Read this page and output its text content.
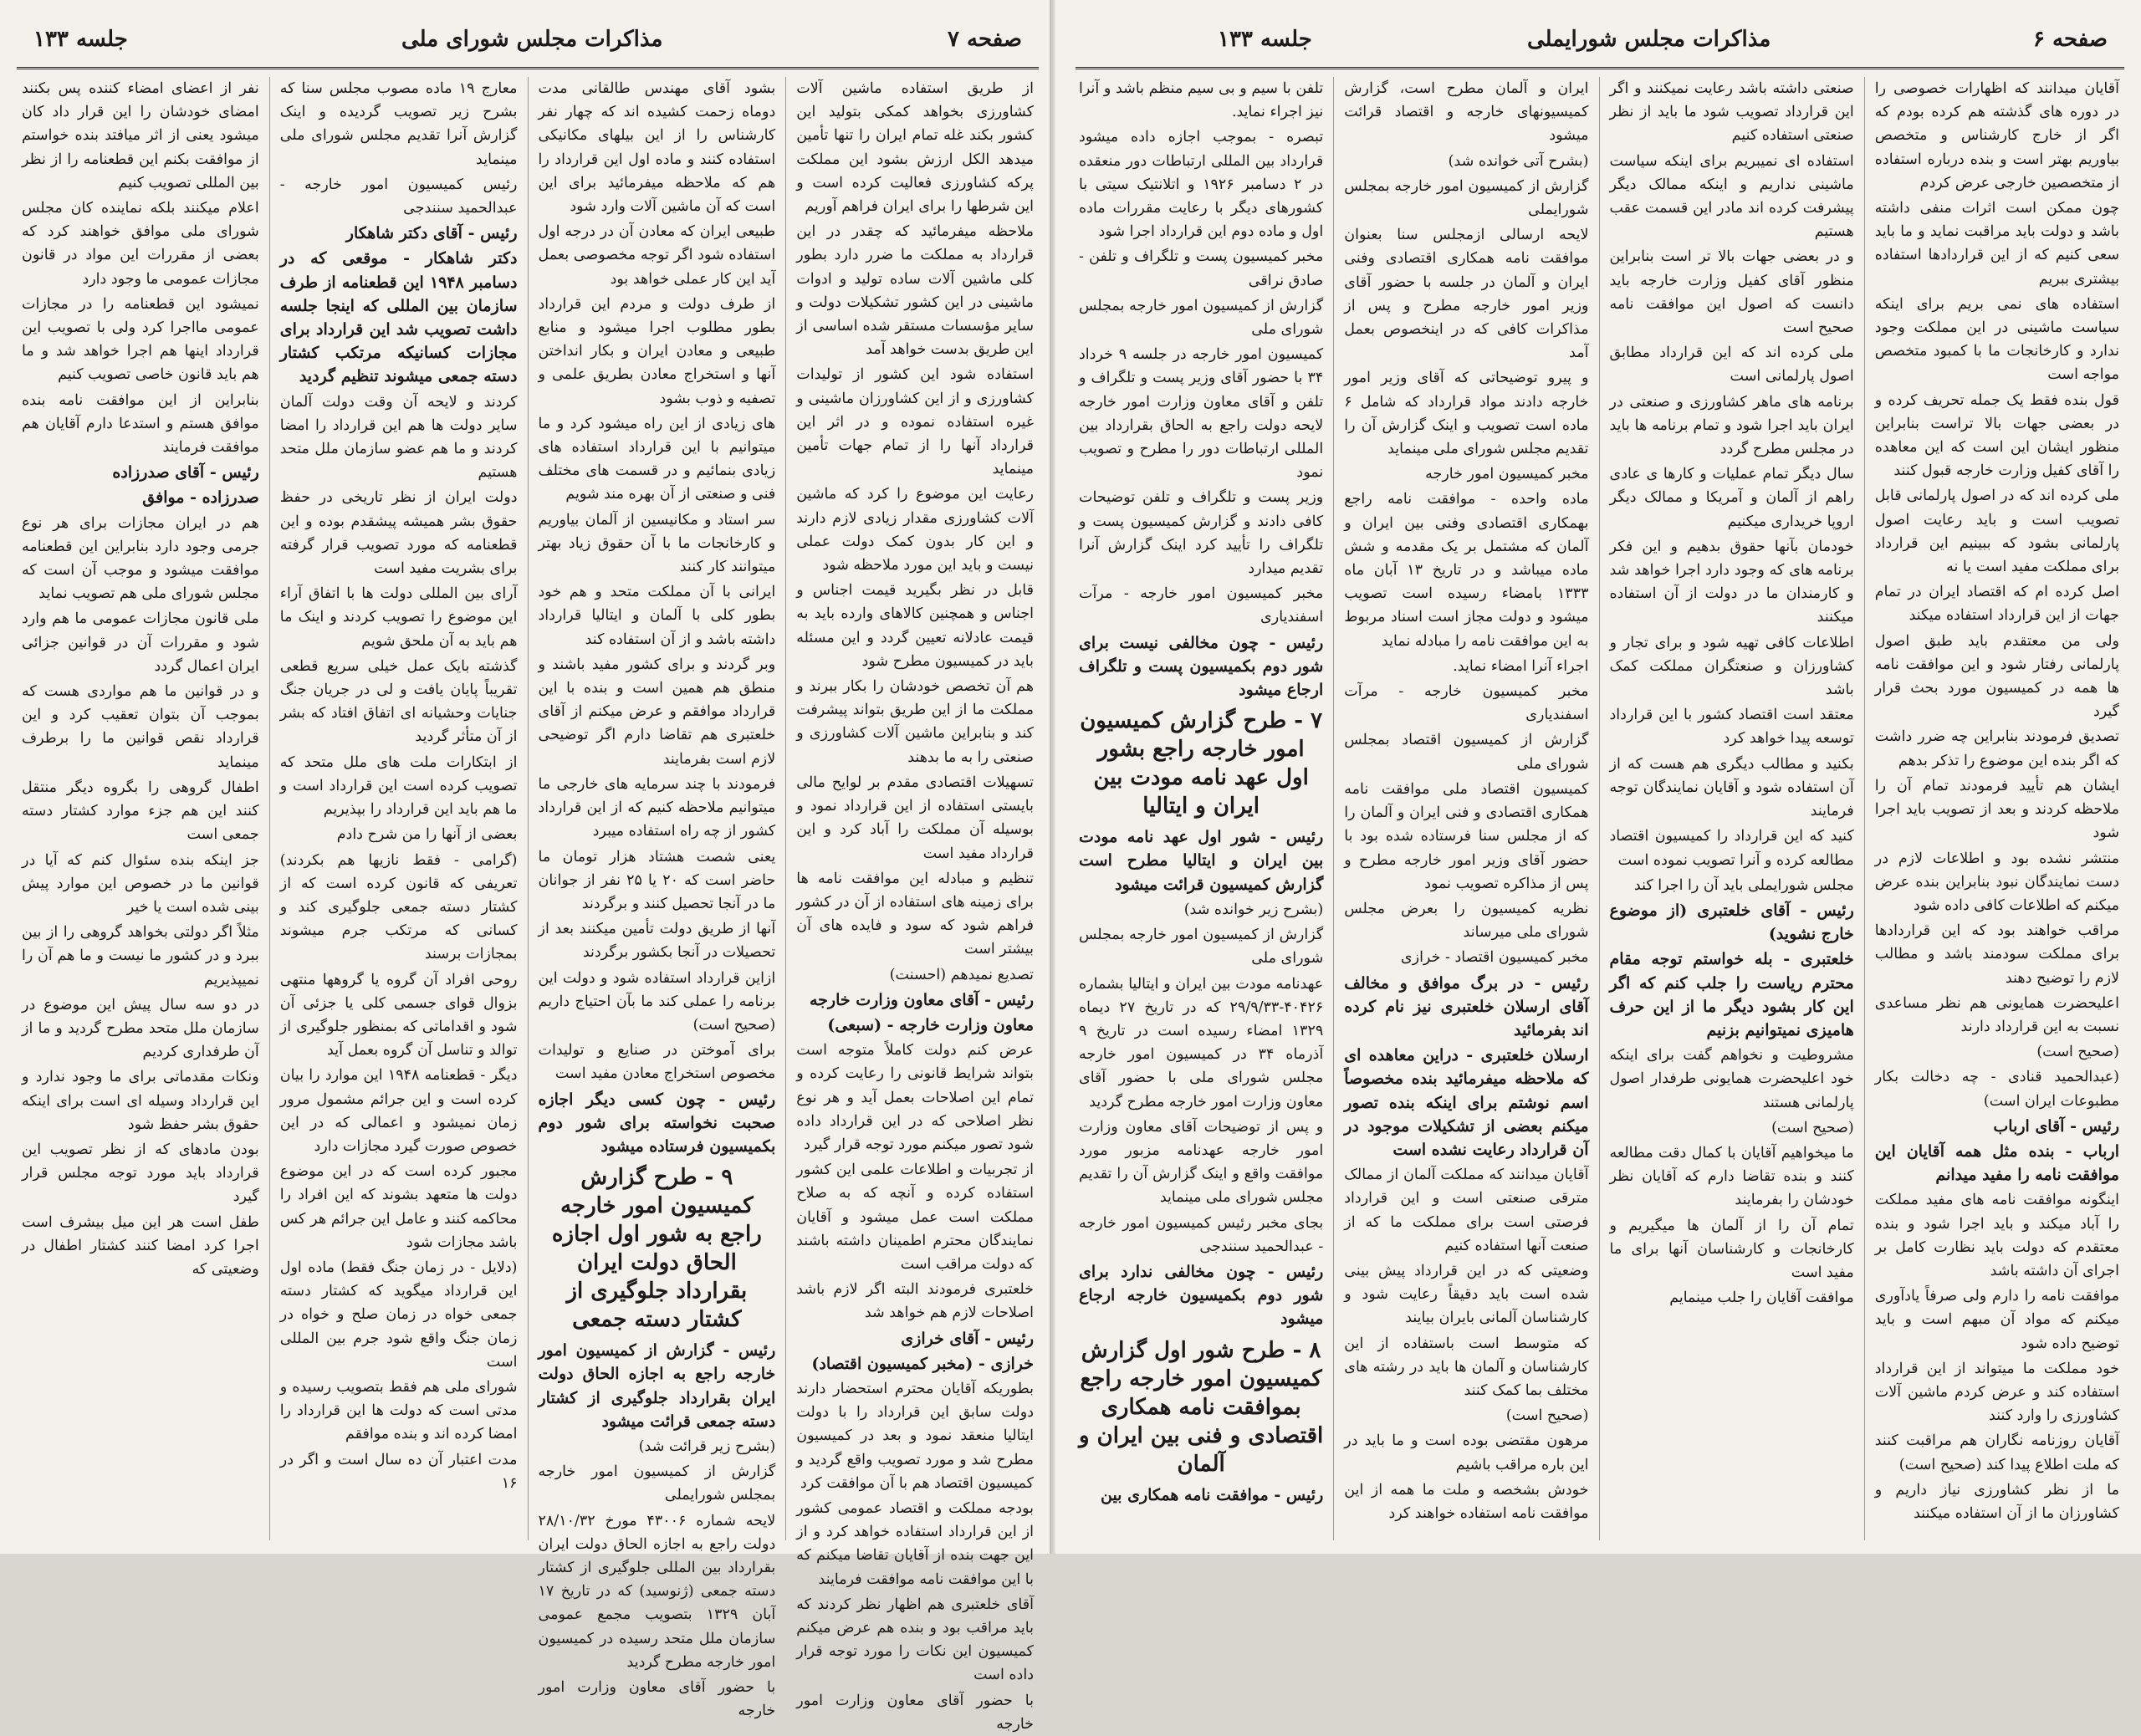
جلسه ۱۳۳	مذاکرات مجلس شورای ملی	صفحه ۷

از طریق استفاده ماشین آلات کشاورزی بخواهد کمکی بتولید این کشور بکند غله تمام ایران را تنها تأمین میدهد الکل ارزش بشود این مملکت پرکه کشاورزی فعالیت کرده است و این شرطها را برای ایران فراهم آوریم

ملاحظه میفرمائید که چقدر در این قرارداد به مملکت ما ضرر دارد بطور کلی ماشین آلات ساده تولید و ادوات ماشینی در این کشور تشکیلات دولت و سایر مؤسسات مستقر شده اساسی از این طریق بدست خواهد آمد

استفاده شود این کشور از تولیدات کشاورزی و از این کشاورزان ماشینی و غیره استفاده نموده و در اثر این قرارداد آنها را از تمام جهات تأمین مینماید

رعایت این موضوع را کرد که ماشین آلات کشاورزی مقدار زیادی لازم دارند و این کار بدون کمک دولت عملی نیست و باید این مورد ملاحظه شود

قابل در نظر بگیرید قیمت اجناس و اجناس و همچنین کالاهای وارده باید به قیمت عادلانه تعیین گردد و این مسئله باید در کمیسیون مطرح شود

هم آن تخصص خودشان را بکار ببرند و مملکت ما از این طریق بتواند پیشرفت کند و بنابراین ماشین آلات کشاورزی و صنعتی را به ما بدهند

تسهیلات اقتصادی مقدم بر لوایح مالی بایستی استفاده از این قرارداد نمود و بوسیله آن مملکت را آباد کرد و این قرارداد مفید است

تنظیم و مبادله این موافقت نامه ها برای زمینه های استفاده از آن در کشور فراهم شود که سود و فایده های آن بیشتر است

تصدیع نمیدهم (احسنت)

رئیس - آقای معاون وزارت خارجه

معاون وزارت خارجه - (سبعی)

عرض کنم دولت کاملاً متوجه است بتواند شرایط قانونی را رعایت کرده و تمام این اصلاحات بعمل آید و هر نوع نظر اصلاحی که در این قرارداد داده شود تصور میکنم مورد توجه قرار گیرد

از تجربیات و اطلاعات علمی این کشور استفاده کرده و آنچه که به صلاح مملکت است عمل میشود و آقایان نمایندگان محترم اطمینان داشته باشند که دولت مراقب است

خلعتبری فرمودند البته اگر لازم باشد اصلاحات لازم هم خواهد شد

رئیس - آقای خرازی

خرازی - (مخبر کمیسیون اقتصاد)

بطوریکه آقایان محترم استحضار دارند دولت سابق این قرارداد را با دولت ایتالیا منعقد نمود و بعد در کمیسیون مطرح شد و مورد تصویب واقع گردید و کمیسیون اقتصاد هم با آن موافقت کرد

بودجه مملکت و اقتصاد عمومی کشور از این قرارداد استفاده خواهد کرد و از این جهت بنده از آقایان تقاضا میکنم که با این موافقت نامه موافقت فرمایند

آقای خلعتبری هم اظهار نظر کردند که باید مراقب بود و بنده هم عرض میکنم کمیسیون این نکات را مورد توجه قرار داده است

با حضور آقای معاون وزارت امور خارجه

بشود آقای مهندس طالقانی مدت دوماه زحمت کشیده اند که چهار نفر کارشناس را از این بیلهای مکانیکی استفاده کنند و ماده اول این قرارداد را هم که ملاحظه میفرمائید برای این است که آن ماشین آلات وارد شود

طبیعی ایران که معادن آن در درجه اول استفاده شود اگر توجه مخصوصی بعمل آید این کار عملی خواهد بود

از طرف دولت و مردم این قرارداد بطور مطلوب اجرا میشود و منابع طبیعی و معادن ایران و بکار انداختن آنها و استخراج معادن بطریق علمی و تصفیه و ذوب بشود

های زیادی از این راه میشود کرد و ما میتوانیم با این قرارداد استفاده های زیادی بنمائیم و در قسمت های مختلف فنی و صنعتی از آن بهره مند شویم

سر استاد و مکانیسین از آلمان بیاوریم و کارخانجات ما با آن حقوق زیاد بهتر میتوانند کار کنند

ایرانی با آن مملکت متحد و هم خود بطور کلی با آلمان و ایتالیا قرارداد داشته باشد و از آن استفاده کند

وبر گردند و برای کشور مفید باشند و منطق هم همین است و بنده با این قرارداد موافقم و عرض میکنم از آقای خلعتبری هم تقاضا دارم اگر توضیحی لازم است بفرمایند

فرمودند با چند سرمایه های خارجی ما میتوانیم ملاحظه کنیم که از این قرارداد کشور از چه راه استفاده میبرد

یعنی شصت هشتاد هزار تومان ما حاضر است که ۲۰ یا ۲۵ نفر از جوانان ما در آنجا تحصیل کنند و برگردند

آنها از طریق دولت تأمین میکنند بعد از تحصیلات در آنجا بکشور برگردند

ازاین قرارداد استفاده شود و دولت این برنامه را عملی کند ما بآن احتیاج داریم (صحیح است)

برای آموختن در صنایع و تولیدات مخصوص استخراج معادن مفید است

رئیس - چون کسی دیگر اجازه صحبت نخواسته برای شور دوم بکمیسیون فرستاده میشود

۹ - طرح گزارش کمیسیون امور خارجه راجع به شور اول اجازه الحاق دولت ایران بقرارداد جلوگیری از کشتار دسته جمعی

رئیس - گزارش از کمیسیون امور خارجه راجع به اجازه الحاق دولت ایران بقرارداد جلوگیری از کشتار دسته جمعی قرائت میشود

(بشرح زیر قرائت شد)

گزارش از کمیسیون امور خارجه بمجلس شورایملی

لایحه شماره ۴۳۰۰۶ مورخ ۲۸/۱۰/۳۲ دولت راجع به اجازه الحاق دولت ایران بقرارداد بین المللی جلوگیری از کشتار دسته جمعی (ژنوسید) که در تاریخ ۱۷ آبان ۱۳۲۹ بتصویب مجمع عمومی سازمان ملل متحد رسیده در کمیسیون امور خارجه مطرح گردید

با حضور آقای معاون وزارت امور خارجه

معارج ۱۹ ماده مصوب مجلس سنا که بشرح زیر تصویب گردیده و اینک گزارش آنرا تقدیم مجلس شورای ملی مینماید

رئیس کمیسیون امور خارجه - عبدالحمید سنندجی

رئیس - آقای دکتر شاهکار

دکتر شاهکار - موقعی که در دسامبر ۱۹۴۸ این قطعنامه از طرف سازمان بین المللی که اینجا جلسه داشت تصویب شد این قرارداد برای مجازات کسانیکه مرتکب کشتار دسته جمعی میشوند تنظیم گردید

کردند و لایحه آن وقت دولت آلمان سایر دولت ها هم این قرارداد را امضا کردند و ما هم عضو سازمان ملل متحد هستیم

دولت ایران از نظر تاریخی در حفظ حقوق بشر همیشه پیشقدم بوده و این قطعنامه که مورد تصویب قرار گرفته برای بشریت مفید است

آرای بین المللی دولت ها با اتفاق آراء این موضوع را تصویب کردند و اینک ما هم باید به آن ملحق شویم

گذشته بایک عمل خیلی سریع قطعی تقریباً پایان یافت و لی در جریان جنگ جنایات وحشیانه ای اتفاق افتاد که بشر از آن متأثر گردید

از ابتکارات ملت های ملل متحد که تصویب کرده است این قرارداد است و ما هم باید این قرارداد را بپذیریم

بعضی از آنها را من شرح دادم

(گرامی - فقط نازیها هم بکردند) تعریفی که قانون کرده است که از کشتار دسته جمعی جلوگیری کند و کسانی که مرتکب جرم میشوند بمجازات برسند

روحی افراد آن گروه یا گروهها منتهی بزوال قوای جسمی کلی یا جزئی آن شود و اقداماتی که بمنظور جلوگیری از توالد و تناسل آن گروه بعمل آید

دیگر - قطعنامه ۱۹۴۸ این موارد را بیان کرده است و این جرائم مشمول مرور زمان نمیشود و اعمالی که در این خصوص صورت گیرد مجازات دارد

مجبور کرده است که در این موضوع دولت ها متعهد بشوند که این افراد را محاکمه کنند و عامل این جرائم هر کس باشد مجازات شود

(دلایل - در زمان جنگ فقط) ماده اول این قرارداد میگوید که کشتار دسته جمعی خواه در زمان صلح و خواه در زمان جنگ واقع شود جرم بین المللی است

شورای ملی هم فقط بتصویب رسیده و مدتی است که دولت ها این قرارداد را امضا کرده اند و بنده موافقم

مدت اعتبار آن ده سال است و اگر در ۱۶

نفر از اعضای امضاء کننده پس بکنند امضای خودشان را این قرار داد کان میشود یعنی از اثر میافتد بنده خواستم از موافقت بکنم این قطعنامه را از نظر بین المللی تصویب کنیم

اعلام میکنند بلکه نماینده کان مجلس شورای ملی موافق خواهند کرد که بعضی از مقررات این مواد در قانون مجازات عمومی ما وجود دارد

نمیشود این قطعنامه را در مجازات عمومی مااجرا کرد ولی با تصویب این قرارداد اینها هم اجرا خواهد شد و ما هم باید قانون خاصی تصویب کنیم

بنابراین از این موافقت نامه بنده موافق هستم و استدعا دارم آقایان هم موافقت فرمایند

رئیس - آقای صدرزاده

صدرزاده - موافق

هم در ایران مجازات برای هر نوع جرمی وجود دارد بنابراین این قطعنامه موافقت میشود و موجب آن است که مجلس شورای ملی هم تصویب نماید

ملی قانون مجازات عمومی ما هم وارد شود و مقررات آن در قوانین جزائی ایران اعمال گردد

و در قوانین ما هم مواردی هست که بموجب آن بتوان تعقیب کرد و این قرارداد نقص قوانین ما را برطرف مینماید

اطفال گروهی را بگروه دیگر منتقل کنند این هم جزء موارد کشتار دسته جمعی است

جز اینکه بنده سئوال کنم که آیا در قوانین ما در خصوص این موارد پیش بینی شده است یا خیر

مثلاً اگر دولتی بخواهد گروهی را از بین ببرد و در کشور ما نیست و ما هم آن را نمیپذیریم

در دو سه سال پیش این موضوع در سازمان ملل متحد مطرح گردید و ما از آن طرفداری کردیم

ونکات مقدماتی برای ما وجود ندارد و این قرارداد وسیله ای است برای اینکه حقوق بشر حفظ شود

بودن مادهای که از نظر تصویب این قرارداد باید مورد توجه مجلس قرار گیرد

طفل است هر این میل بیشرف است اجرا کرد امضا کنند کشتار اطفال در وضعیتی که

جلسه ۱۳۳	مذاکرات مجلس شورایملی	صفحه ۶

آقایان میدانند که اظهارات خصوصی را در دوره های گذشته هم کرده بودم که اگر از خارج کارشناس و متخصص بیاوریم بهتر است و بنده درباره استفاده از متخصصین خارجی عرض کردم

چون ممکن است اثرات منفی داشته باشد و دولت باید مراقبت نماید و ما باید سعی کنیم که از این قراردادها استفاده بیشتری ببریم

استفاده های نمی بریم برای اینکه سیاست ماشینی در این مملکت وجود ندارد و کارخانجات ما با کمبود متخصص مواجه است

قول بنده فقط یک جمله تحریف کرده و در بعضی جهات بالا تراست بنابراین منظور ایشان این است که این معاهده را آقای کفیل وزارت خارجه قبول کنند

ملی کرده اند که در اصول پارلمانی قابل تصویب است و باید رعایت اصول پارلمانی بشود که ببینیم این قرارداد برای مملکت مفید است یا نه

اصل کرده ام که اقتصاد ایران در تمام جهات از این قرارداد استفاده میکند

ولی من معتقدم باید طبق اصول پارلمانی رفتار شود و این موافقت نامه ها همه در کمیسیون مورد بحث قرار گیرد

تصدیق فرمودند بنابراین چه ضرر داشت که اگر بنده این موضوع را تذکر بدهم

ایشان هم تأیید فرمودند تمام آن را ملاحظه کردند و بعد از تصویب باید اجرا شود

منتشر نشده بود و اطلاعات لازم در دست نمایندگان نبود بنابراین بنده عرض میکنم که اطلاعات کافی داده شود

مراقب خواهند بود که این قراردادها برای مملکت سودمند باشد و مطالب لازم را توضیح دهند

اعلیحضرت همایونی هم نظر مساعدی نسبت به این قرارداد دارند

(صحیح است)

(عبدالحمید قنادی - چه دخالت بکار مطبوعات ایران است)

رئیس - آقای ارباب

ارباب - بنده مثل همه آقایان این موافقت نامه را مفید میدانم

اینگونه موافقت نامه های مفید مملکت را آباد میکند و باید اجرا شود و بنده معتقدم که دولت باید نظارت کامل بر اجرای آن داشته باشد

موافقت نامه را دارم ولی صرفاً یادآوری میکنم که مواد آن مبهم است و باید توضیح داده شود

خود مملکت ما میتواند از این قرارداد استفاده کند و عرض کردم ماشین آلات کشاورزی را وارد کنند

آقایان روزنامه نگاران هم مراقبت کنند که ملت اطلاع پیدا کند (صحیح است)

ما از نظر کشاورزی نیاز داریم و کشاورزان ما از آن استفاده میکنند

صنعتی داشته باشد رعایت نمیکنند و اگر این قرارداد تصویب شود ما باید از نظر صنعتی استفاده کنیم

استفاده ای نمیبریم برای اینکه سیاست ماشینی نداریم و اینکه ممالک دیگر پیشرفت کرده اند مادر این قسمت عقب هستیم

و در بعضی جهات بالا تر است بنابراین منظور آقای کفیل وزارت خارجه باید دانست که اصول این موافقت نامه صحیح است

ملی کرده اند که این قرارداد مطابق اصول پارلمانی است

برنامه های ماهر کشاورزی و صنعتی در ایران باید اجرا شود و تمام برنامه ها باید در مجلس مطرح گردد

سال دیگر تمام عملیات و کارها ی عادی راهم از آلمان و آمریکا و ممالک دیگر اروپا خریداری میکنیم

خودمان بآنها حقوق بدهیم و این فکر برنامه های که وجود دارد اجرا خواهد شد و کارمندان ما در دولت از آن استفاده میکنند

اطلاعات کافی تهیه شود و برای تجار و کشاورزان و صنعتگران مملکت کمک باشد

معتقد است اقتصاد کشور با این قرارداد توسعه پیدا خواهد کرد

بکنید و مطالب دیگری هم هست که از آن استفاده شود و آقایان نمایندگان توجه فرمایند

کنید که این قرارداد را کمیسیون اقتصاد مطالعه کرده و آنرا تصویب نموده است

مجلس شورایملی باید آن را اجرا کند

رئیس - آقای خلعتبری (از موضوع خارج نشوید)

خلعتبری - بله خواستم توجه مقام محترم ریاست را جلب کنم که اگر این کار بشود دیگر ما از این حرف هامیزی نمیتوانیم بزنیم

مشروطیت و نخواهم گفت برای اینکه خود اعلیحضرت همایونی طرفدار اصول پارلمانی هستند

(صحیح است)

ما میخواهیم آقایان با کمال دقت مطالعه کنند و بنده تقاضا دارم که آقایان نظر خودشان را بفرمایند

تمام آن را از آلمان ها میگیریم و کارخانجات و کارشناسان آنها برای ما مفید است

موافقت آقایان را جلب مینمایم

ایران و آلمان مطرح است، گزارش کمیسیونهای خارجه و اقتصاد قرائت میشود

(بشرح آتی خوانده شد)

گزارش از کمیسیون امور خارجه بمجلس شورایملی

لایحه ارسالی ازمجلس سنا بعنوان موافقت نامه همکاری اقتصادی وفنی ایران و آلمان در جلسه با حضور آقای وزیر امور خارجه مطرح و پس از مذاکرات کافی که در اینخصوص بعمل آمد

و پیرو توضیحاتی که آقای وزیر امور خارجه دادند مواد قرارداد که شامل ۶ ماده است تصویب و اینک گزارش آن را تقدیم مجلس شورای ملی مینماید

مخبر کمیسیون امور خارجه

ماده واحده - موافقت نامه راجع بهمکاری اقتصادی وفنی بین ایران و آلمان که مشتمل بر یک مقدمه و شش ماده میباشد و در تاریخ ۱۳ آبان ماه ۱۳۳۳ بامضاء رسیده است تصویب میشود و دولت مجاز است اسناد مربوط به این موافقت نامه را مبادله نماید

اجراء آنرا امضاء نماید.

مخبر کمیسیون خارجه - مرآت اسفندیاری

گزارش از کمیسیون اقتصاد بمجلس شورای ملی

کمیسیون اقتصاد ملی موافقت نامه همکاری اقتصادی و فنی ایران و آلمان را که از مجلس سنا فرستاده شده بود با حضور آقای وزیر امور خارجه مطرح و پس از مذاکره تصویب نمود

نظریه کمیسیون را بعرض مجلس شورای ملی میرساند

مخبر کمیسیون اقتصاد - خرازی

رئیس - در برگ موافق و مخالف آقای ارسلان خلعتبری نیز نام کرده اند بفرمائید

ارسلان خلعتبری - دراین معاهده ای که ملاحظه میفرمائید بنده مخصوصاً اسم نوشتم برای اینکه بنده تصور میکنم بعضی از تشکیلات موجود در آن قرارداد رعایت نشده است

آقایان میدانند که مملکت آلمان از ممالک مترقی صنعتی است و این قرارداد فرصتی است برای مملکت ما که از صنعت آنها استفاده کنیم

وضعیتی که در این قرارداد پیش بینی شده است باید دقیقاً رعایت شود و کارشناسان آلمانی بایران بیایند

که متوسط است باستفاده از این کارشناسان و آلمان ها باید در رشته های مختلف بما کمک کنند

(صحیح است)

مرهون مقتضی بوده است و ما باید در این باره مراقب باشیم

خودش بشخصه و ملت ما همه از این موافقت نامه استفاده خواهند کرد

تلفن با سیم و بی سیم منظم باشد و آنرا نیز اجراء نماید.

تبصره - بموجب اجازه داده میشود قرارداد بین المللی ارتباطات دور منعقده در ۲ دسامبر ۱۹۲۶ و اتلانتیک سیتی با کشورهای دیگر با رعایت مقررات ماده اول و ماده دوم این قرارداد اجرا شود

مخبر کمیسیون پست و تلگراف و تلفن - صادق نراقی

گزارش از کمیسیون امور خارجه بمجلس شورای ملی

کمیسیون امور خارجه در جلسه ۹ خرداد ۳۴ با حضور آقای وزیر پست و تلگراف و تلفن و آقای معاون وزارت امور خارجه لایحه دولت راجع به الحاق بقرارداد بین المللی ارتباطات دور را مطرح و تصویب نمود

وزیر پست و تلگراف و تلفن توضیحات کافی دادند و گزارش کمیسیون پست و تلگراف را تأیید کرد اینک گزارش آنرا تقدیم میدارد

مخبر کمیسیون امور خارجه - مرآت اسفندیاری

رئیس - چون مخالفی نیست برای شور دوم بکمیسیون پست و تلگراف ارجاع میشود

۷ - طرح گزارش کمیسیون امور خارجه راجع بشور اول عهد نامه مودت بین ایران و ایتالیا

رئیس - شور اول عهد نامه مودت بین ایران و ایتالیا مطرح است گزارش کمیسیون قرائت میشود

(بشرح زیر خوانده شد)

گزارش از کمیسیون امور خارجه بمجلس شورای ملی

عهدنامه مودت بین ایران و ایتالیا بشماره ۴۰۴۲۶-۲۹/۹/۳۳ که در تاریخ ۲۷ دیماه ۱۳۲۹ امضاء رسیده است در تاریخ ۹ آذرماه ۳۴ در کمیسیون امور خارجه مجلس شورای ملی با حضور آقای معاون وزارت امور خارجه مطرح گردید

و پس از توضیحات آقای معاون وزارت امور خارجه عهدنامه مزبور مورد موافقت واقع و اینک گزارش آن را تقدیم مجلس شورای ملی مینماید

بجای مخبر رئیس کمیسیون امور خارجه - عبدالحمید سنندجی

رئیس - چون مخالفی ندارد برای شور دوم بکمیسیون خارجه ارجاع میشود

۸ - طرح شور اول گزارش کمیسیون امور خارجه راجع بموافقت نامه همکاری اقتصادی و فنی بین ایران و آلمان

رئیس - موافقت نامه همکاری بین
